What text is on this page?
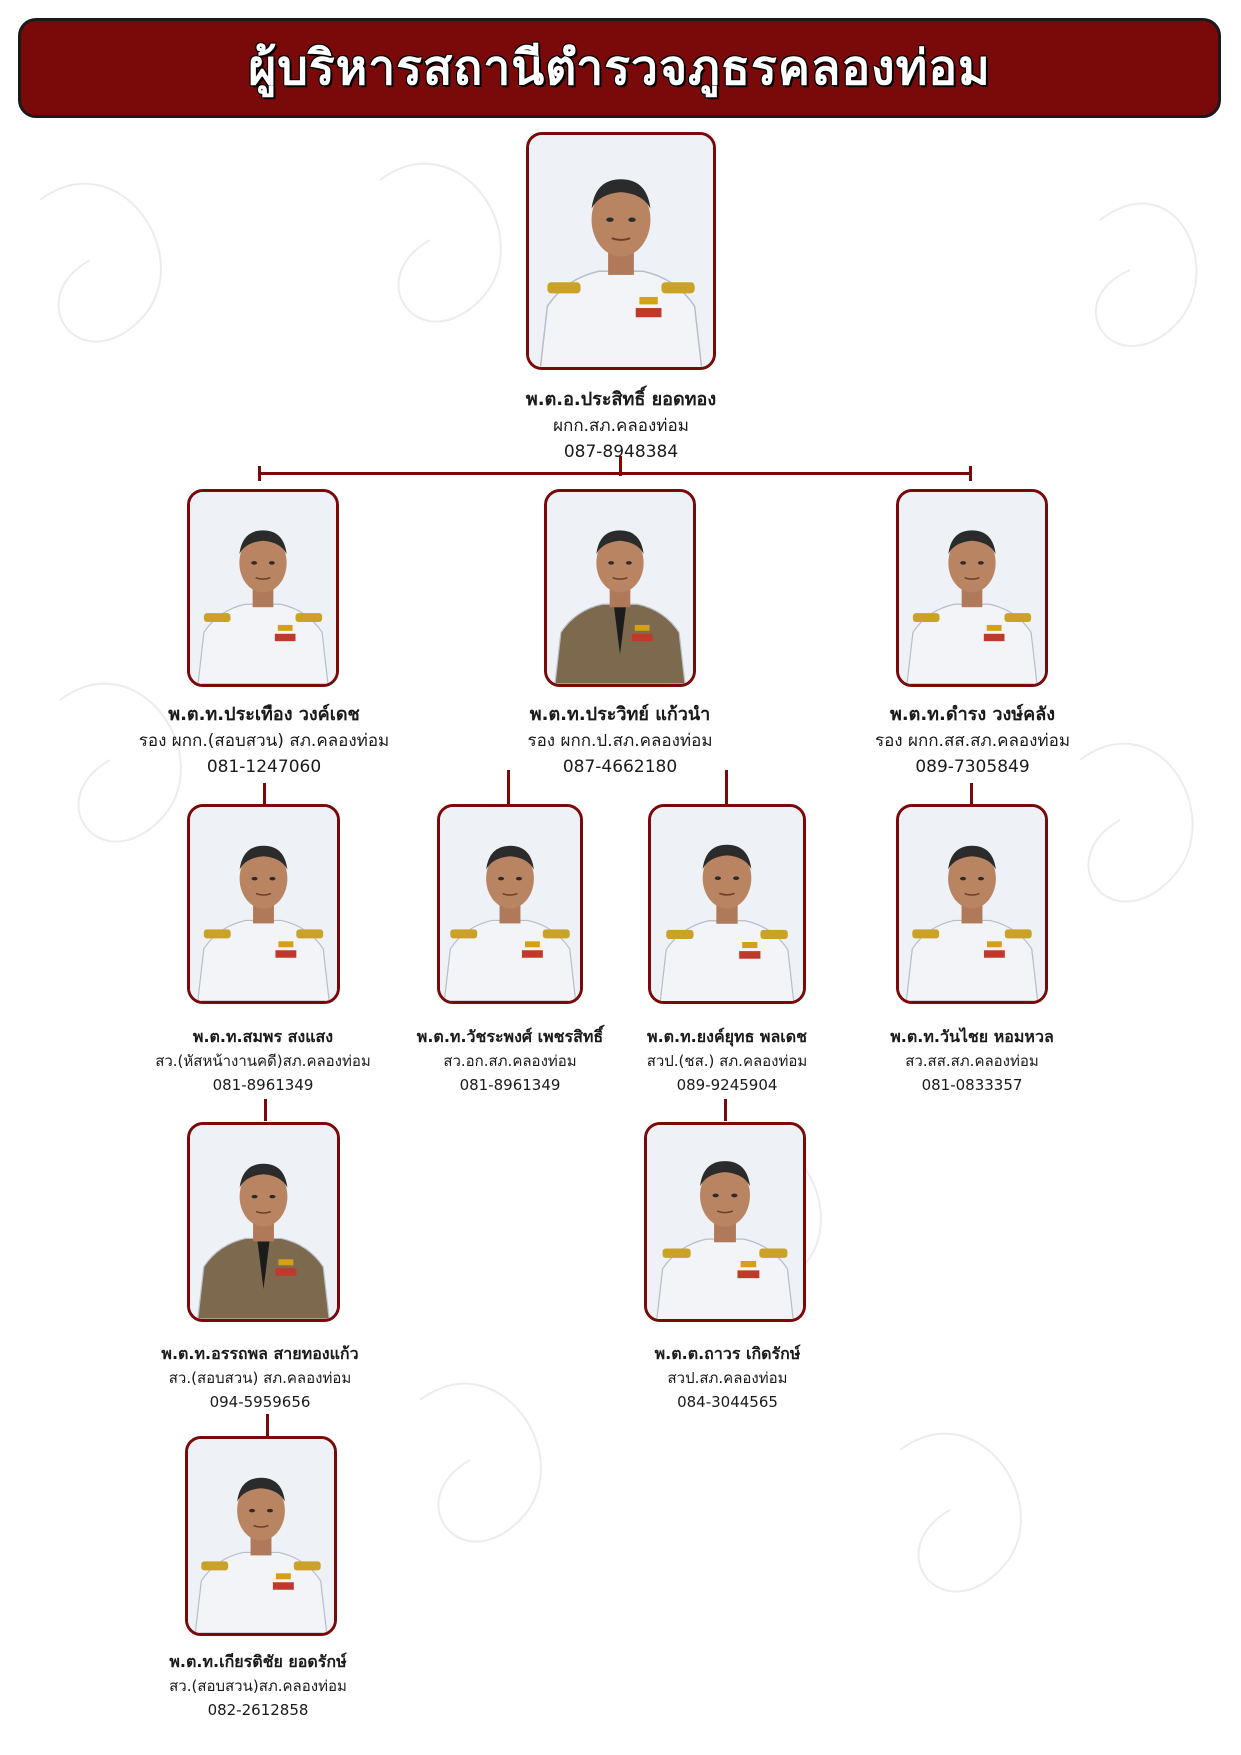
ผู้บริหารสถานีตำรวจภูธรคลองท่อม
พ.ต.อ.ประสิทธิ์ ยอดทอง
ผกก.สภ.คลองท่อม
087-8948384
พ.ต.ท.ประเทือง วงค์เดช
รอง ผกก.(สอบสวน) สภ.คลองท่อม
081-1247060
พ.ต.ท.ประวิทย์ แก้วนำ
รอง ผกก.ป.สภ.คลองท่อม
087-4662180
พ.ต.ท.ดำรง วงษ์คลัง
รอง ผกก.สส.สภ.คลองท่อม
089-7305849
พ.ต.ท.สมพร สงแสง
สว.(หัสหน้างานคดี)สภ.คลองท่อม
081-8961349
พ.ต.ท.วัชระพงศ์ เพชรสิทธิ์
สว.อก.สภ.คลองท่อม
081-8961349
พ.ต.ท.ยงค์ยุทธ พลเดช
สวป.(ชส.) สภ.คลองท่อม
089-9245904
พ.ต.ท.วันไชย หอมหวล
สว.สส.สภ.คลองท่อม
081-0833357
พ.ต.ท.อรรถพล สายทองแก้ว
สว.(สอบสวน) สภ.คลองท่อม
094-5959656
พ.ต.ต.ถาวร เกิดรักษ์
สวป.สภ.คลองท่อม
084-3044565
พ.ต.ท.เกียรติชัย ยอดรักษ์
สว.(สอบสวน)สภ.คลองท่อม
082-2612858
